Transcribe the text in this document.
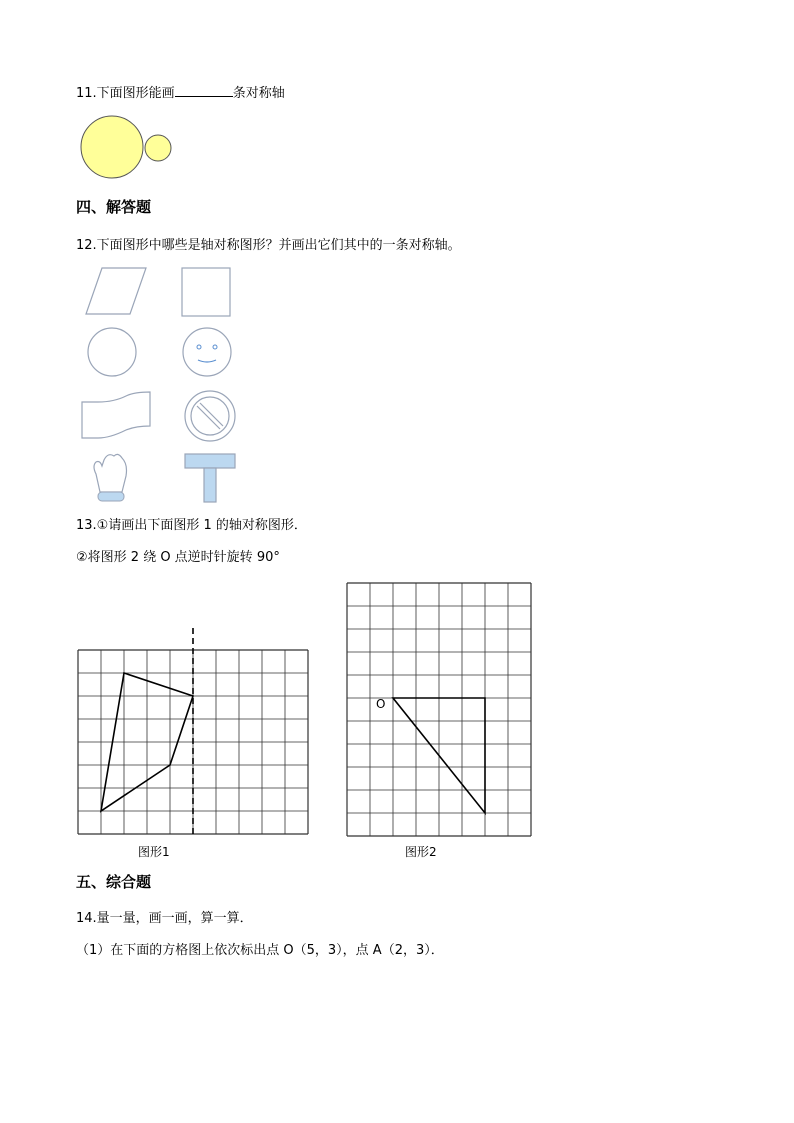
11.下面图形能画	条对称轴
四、解答题
12.下面图形中哪些是轴对称图形？并画出它们其中的一条对称轴。
13.①请画出下面图形 1 的轴对称图形．
②将图形 2 绕 O 点逆时针旋转 90°
图形1
O
图形2
五、综合题
14.量一量，画一画，算一算．
（1）在下面的方格图上依次标出点 O（5，3），点 A（2，3）．
